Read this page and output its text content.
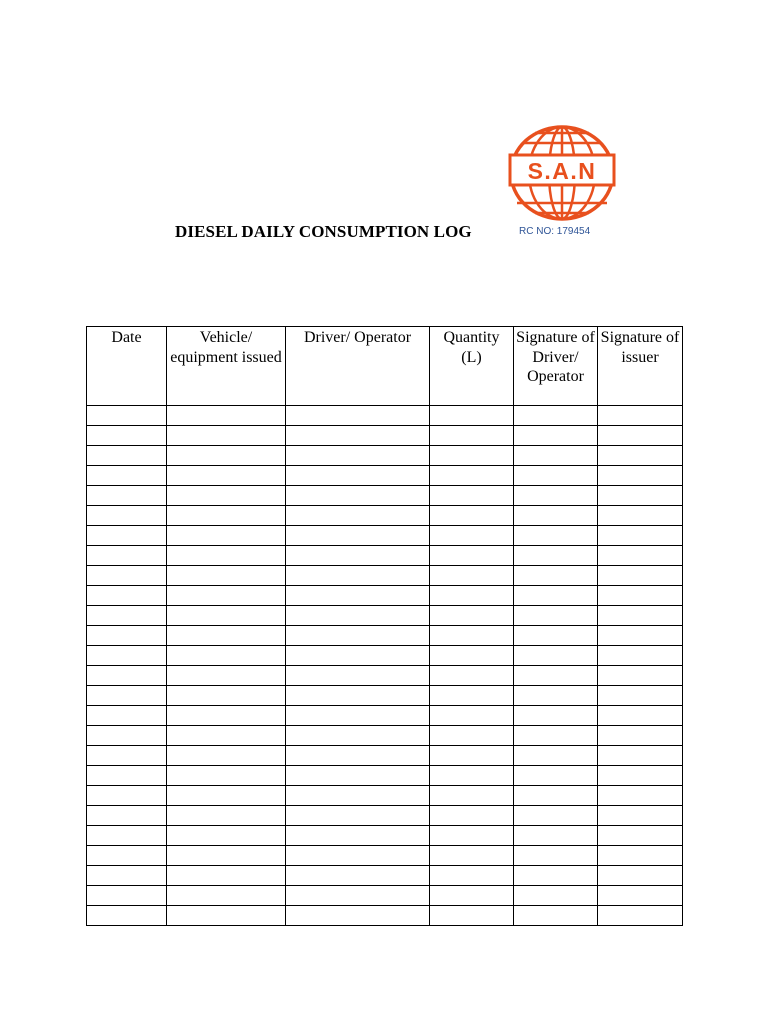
DIESEL DAILY CONSUMPTION LOG
S.A.N
RC NO: 179454
Date	Vehicle/ equipment issued	Driver/ Operator	Quantity (L)	Signature of Driver/ Operator	Signature of issuer
